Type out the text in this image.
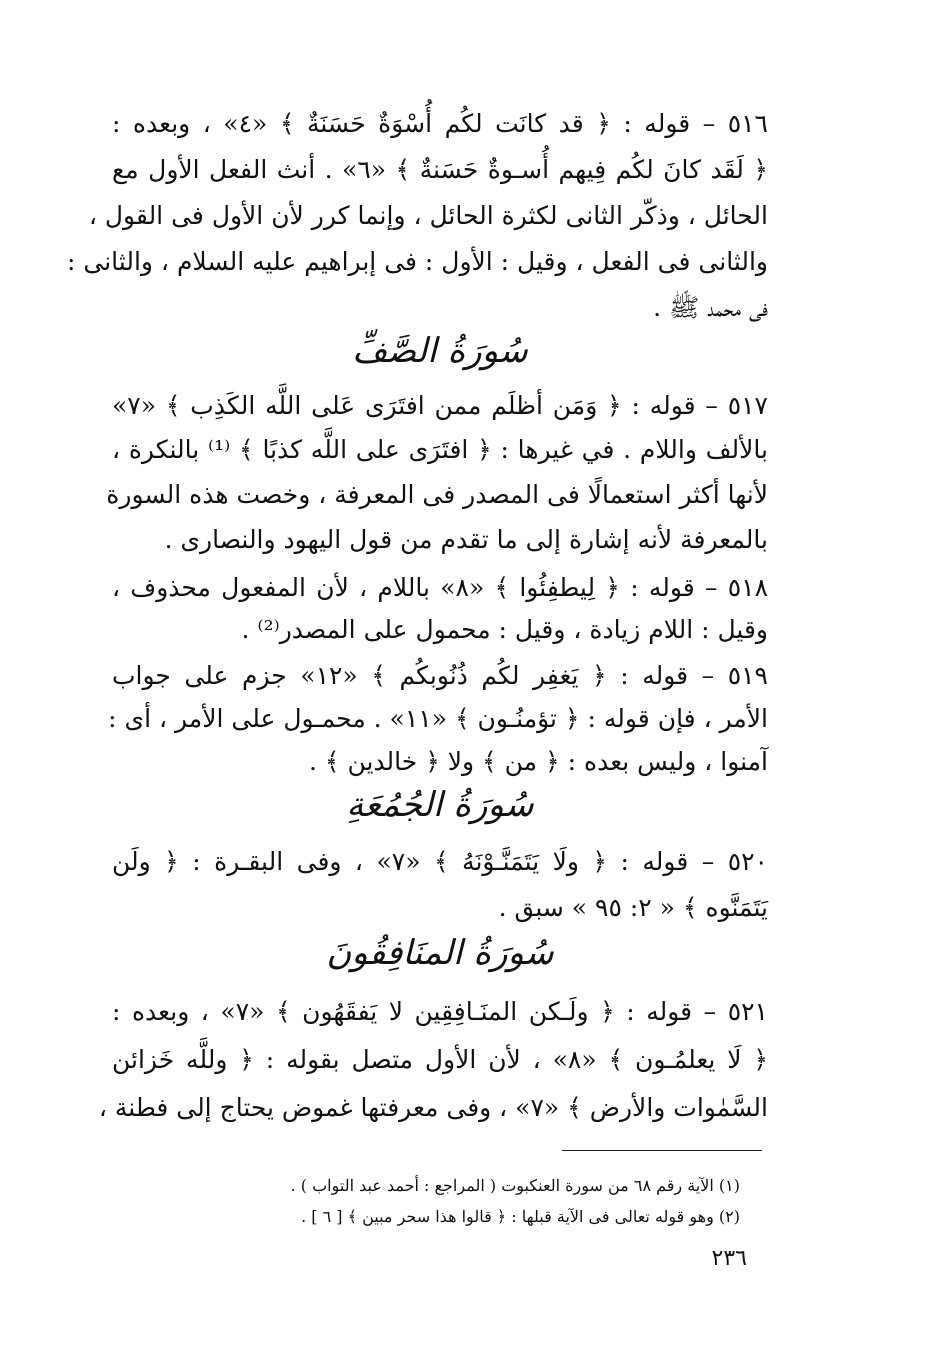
٥١٦ – قوله : ﴿ قد كانَت لكُم أُسْوَةٌ حَسَنَةٌ ﴾ «٤» ، وبعده :
﴿ لَقَد كانَ لكُم فِيهم أُسـوةٌ حَسَنةٌ ﴾ «٦» . أنث الفعل الأول مع
الحائل ، وذكّر الثانى لكثرة الحائل ، وإنما كرر لأن الأول فى القول ،
والثانى فى الفعل ، وقيل : الأول : فى إبراهيم عليه السلام ، والثانى :
فى محمد ﷺ .
سُورَةُ الصَّفِّ
٥١٧ – قوله : ﴿ وَمَن أظلَم ممن افتَرَى عَلى اللَّه الكَذِب ﴾ «٧»
بالألف واللام . في غيرها : ﴿ افتَرَى على اللَّه كذبًا ﴾ ⁽¹⁾ بالنكرة ،
لأنها أكثر استعمالًا فى المصدر فى المعرفة ، وخصت هذه السورة
بالمعرفة لأنه إشارة إلى ما تقدم من قول اليهود والنصارى .
٥١٨ – قوله : ﴿ لِيطفِئُوا ﴾ «٨» باللام ، لأن المفعول محذوف ،
وقيل : اللام زيادة ، وقيل : محمول على المصدر⁽²⁾ .
٥١٩ – قوله : ﴿ يَغفِر لكُم ذُنُوبكُم ﴾ «١٢» جزم على جواب
الأمر ، فإن قوله : ﴿ تؤمنُـون ﴾ «١١» . محمـول على الأمر ، أى :
آمنوا ، وليس بعده : ﴿ من ﴾ ولا ﴿ خالدين ﴾ .
سُورَةُ الجُمُعَةِ
٥٢٠ – قوله : ﴿ ولَا يَتَمَنَّـوْنَهُ ﴾ «٧» ، وفى البقـرة : ﴿ ولَن
يَتَمَنَّوه ﴾ « ٢: ٩٥ » سبق .
سُورَةُ المنَافِقُونَ
٥٢١ – قوله : ﴿ ولَـكن المنَـافِقِين لا يَفقَهُون ﴾ «٧» ، وبعده :
﴿ لَا يعلمُـون ﴾ «٨» ، لأن الأول متصل بقوله : ﴿ وللَّه خَزائن
السَّمٰوات والأرض ﴾ «٧» ، وفى معرفتها غموض يحتاج إلى فطنة ،
(١) الآية رقم ٦٨ من سورة العنكبوت ( المراجع : أحمد عبد التواب ) .
(٢) وهو قوله تعالى فى الآية قبلها : ﴿ قالوا هذا سحر مبين ﴾ [ ٦ ] .
٢٣٦
